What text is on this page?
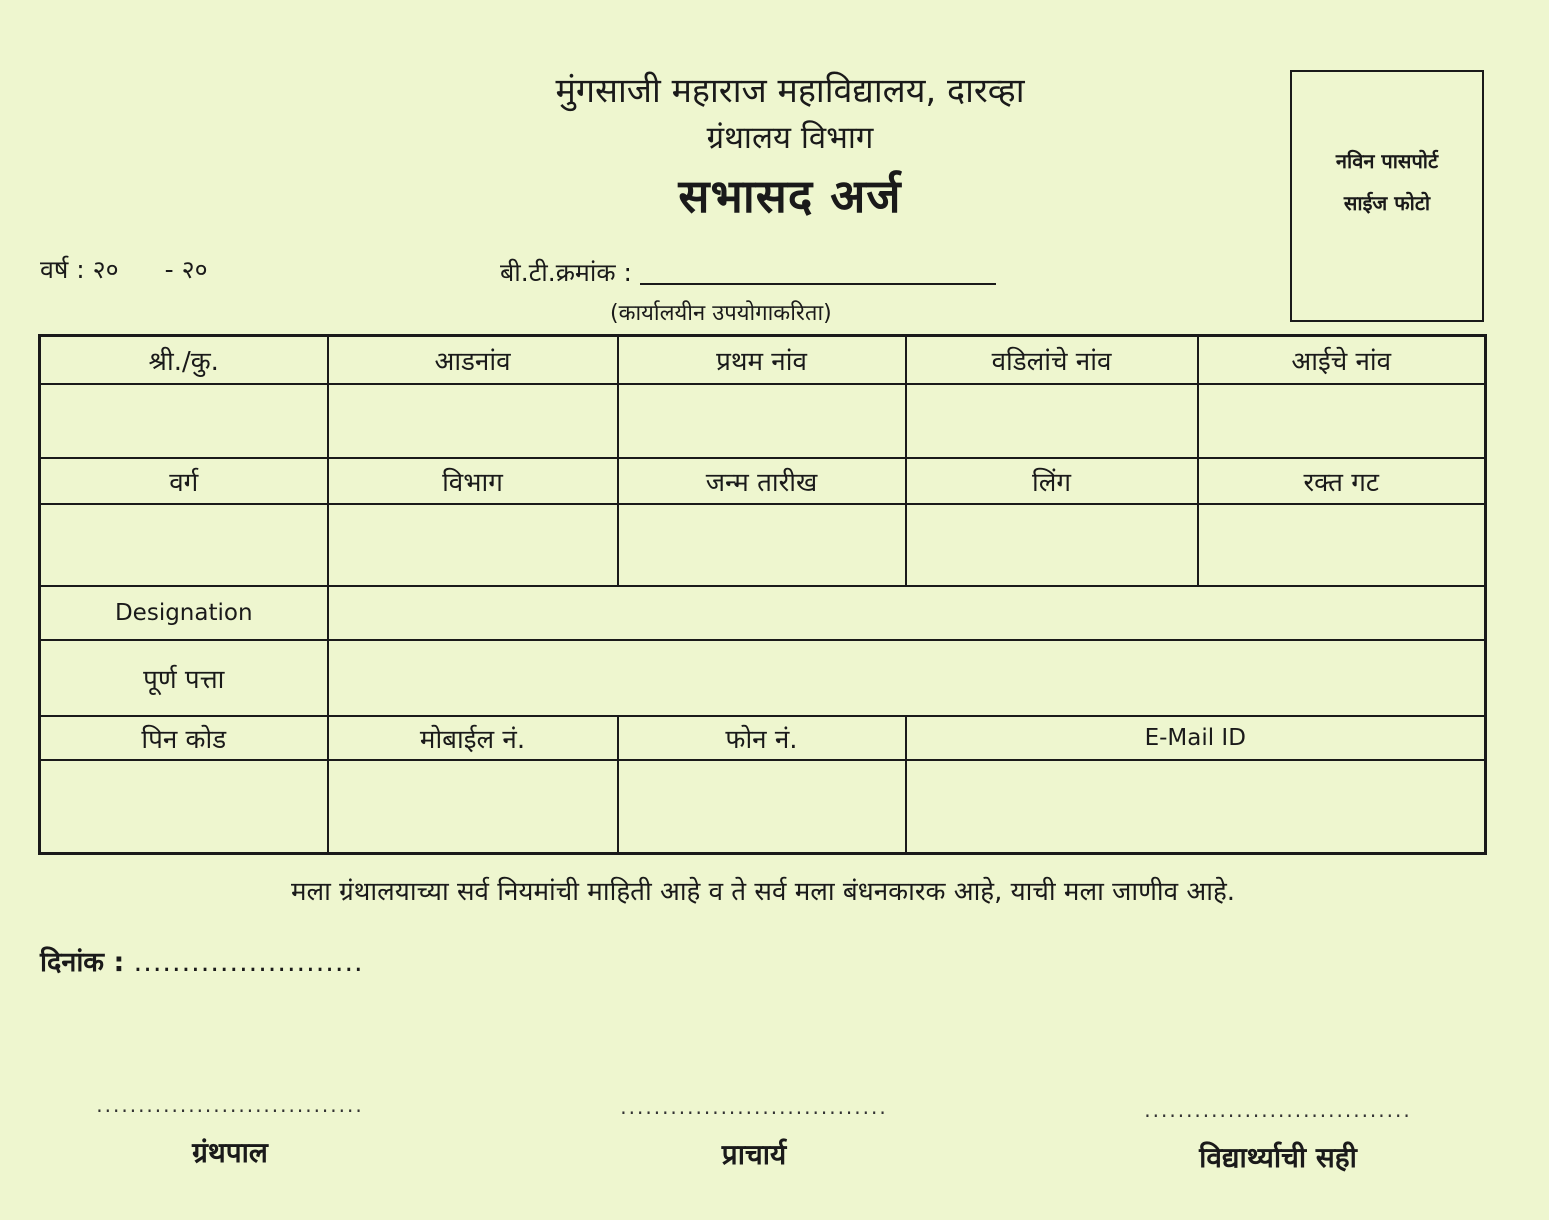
मुंगसाजी महाराज महाविद्यालय, दारव्हा
ग्रंथालय विभाग
सभासद अर्ज
नविन पासपोर्ट
साईज फोटो
वर्ष : २० - २०	बी.टी.क्रमांक :
(कार्यालयीन उपयोगाकरिता)
श्री./कु.	आडनांव	प्रथम नांव	वडिलांचे नांव	आईचे नांव

वर्ग	विभाग	जन्म तारीख	लिंग	रक्त गट

Designation				
पूर्ण पत्ता				
पिन कोड	मोबाईल नं.	फोन नं.	E-Mail ID	

मला ग्रंथालयाच्या सर्व नियमांची माहिती आहे व ते सर्व मला बंधनकारक आहे, याची मला जाणीव आहे.
दिनांक : ........................
................................
ग्रंथपाल
................................
प्राचार्य
................................
विद्यार्थ्याची सही
